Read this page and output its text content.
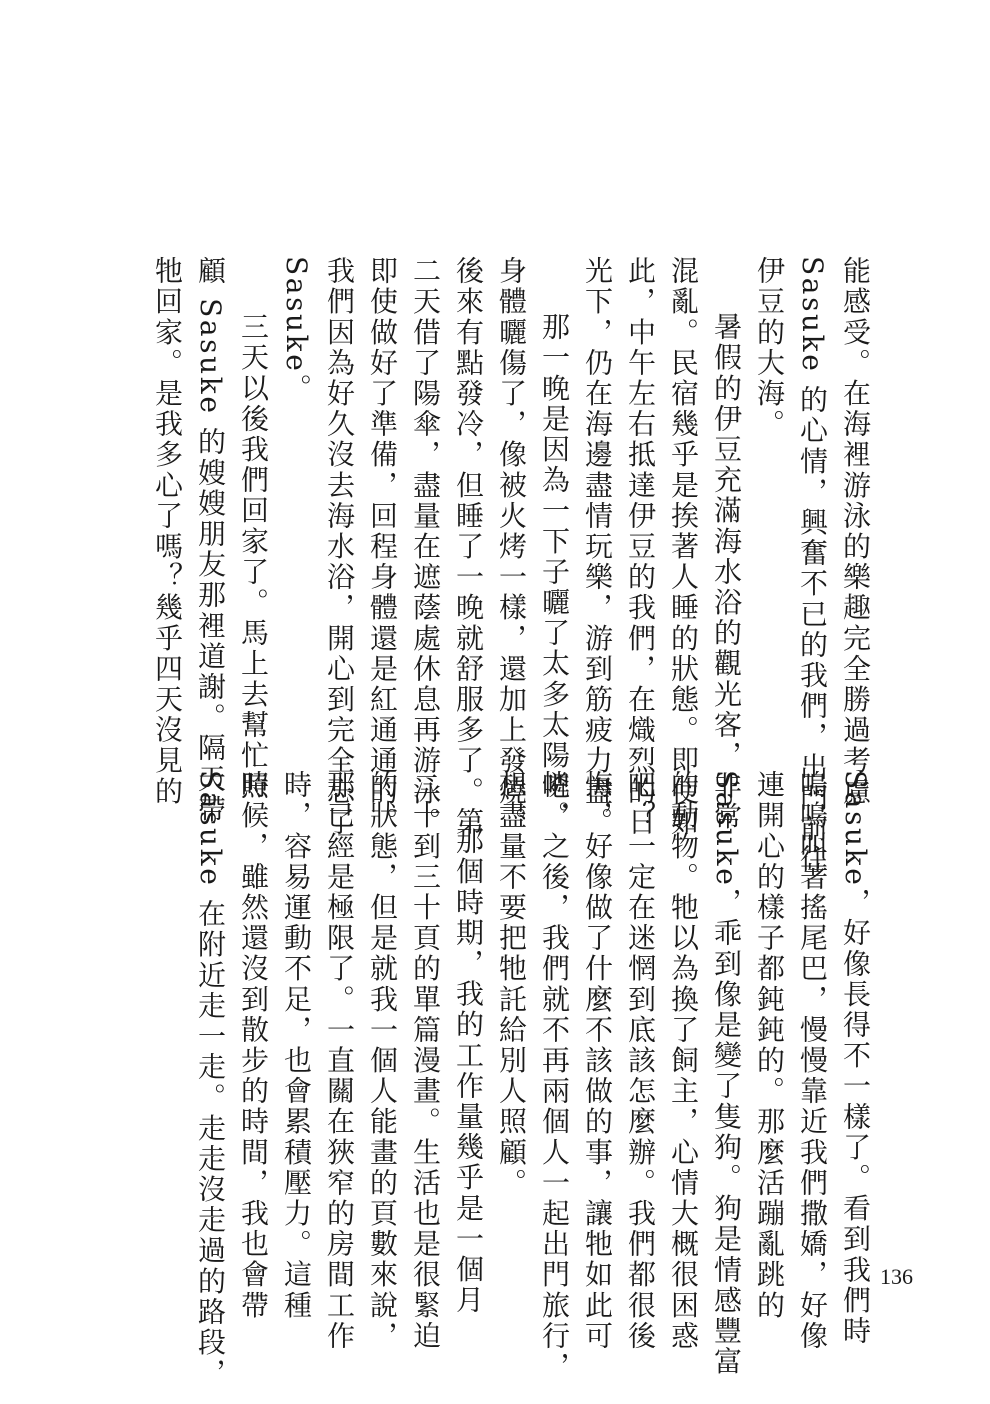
能感受。在海裡游泳的樂趣完全勝過考慮

Sasuke 的心情，興奮不已的我們，出門前往

伊豆的大海。

暑假的伊豆充滿海水浴的觀光客，非常

混亂。民宿幾乎是挨著人睡的狀態。即使如

此，中午左右抵達伊豆的我們，在熾烈的日

光下，仍在海邊盡情玩樂，游到筋疲力盡。

那一晚是因為一下子曬了太多太陽吧，

身體曬傷了，像被火烤一樣，還加上發燒。

後來有點發冷，但睡了一晚就舒服多了。第

二天借了陽傘，盡量在遮蔭處休息再游泳。

即使做好了準備，回程身體還是紅通通的。

我們因為好久沒去海水浴，開心到完全忘了

Sasuke。

三天以後我們回家了。馬上去幫忙照

顧 Sasuke 的嫂嫂朋友那裡道謝。隔天帶

牠回家。是我多心了嗎？幾乎四天沒見的

Sasuke，好像長得不一樣了。看到我們時

嗚嗚叫著搖尾巴，慢慢靠近我們撒嬌，好像

連開心的樣子都鈍鈍的。那麼活蹦亂跳的

Sasuke，乖到像是變了隻狗。狗是情感豐富

的動物。牠以為換了飼主，心情大概很困惑

吧？一定在迷惘到底該怎麼辦。我們都很後

悔，好像做了什麼不該做的事，讓牠如此可

憐。之後，我們就不再兩個人一起出門旅行，

想盡量不要把牠託給別人照顧。

那個時期，我的工作量幾乎是一個月

二十到三十頁的單篇漫畫。生活也是很緊迫

的狀態，但是就我一個人能畫的頁數來說，

那已經是極限了。一直關在狹窄的房間工作

時，容易運動不足，也會累積壓力。這種

時候，雖然還沒到散步的時間，我也會帶

Sasuke 在附近走一走。走走沒走過的路段，	136
